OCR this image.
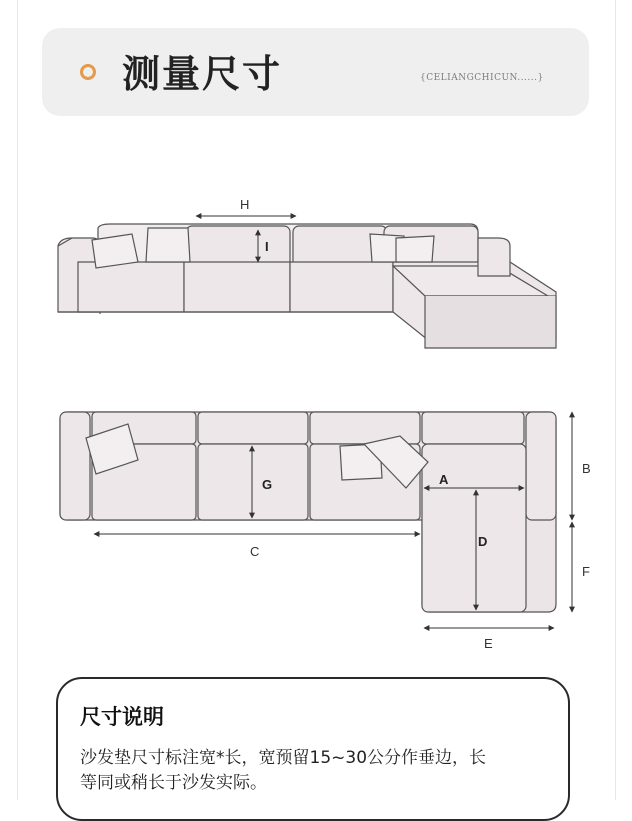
测量尺寸	{CELIANGCHICUN......}
H
I
G	A
D
C
B
F
E
尺寸说明
沙发垫尺寸标注宽*长，宽预留15~30公分作垂边，长
等同或稍长于沙发实际。
